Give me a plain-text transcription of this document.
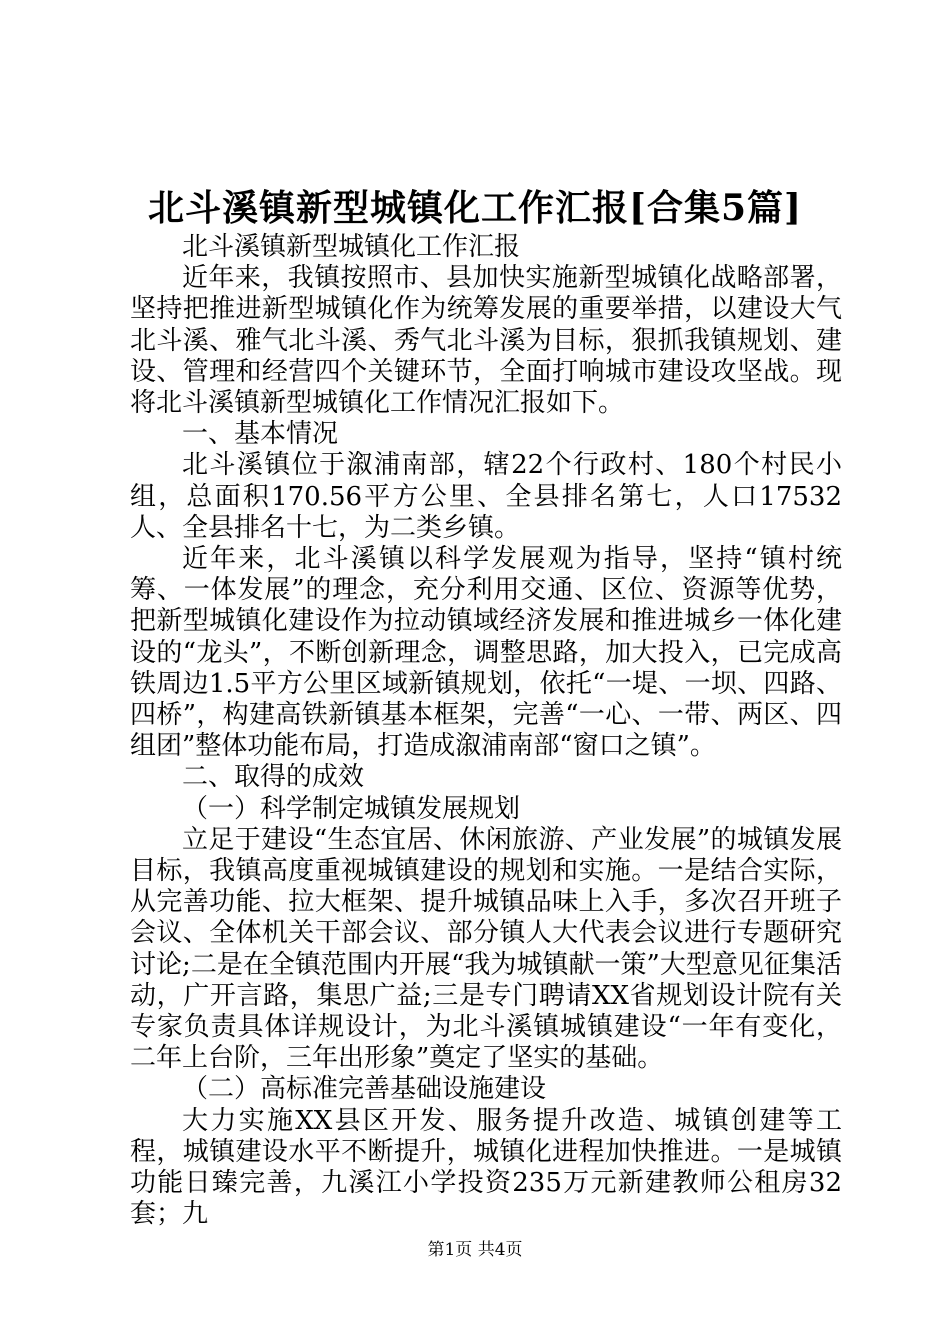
北斗溪镇新型城镇化工作汇报[合集5篇]

北斗溪镇新型城镇化工作汇报

近年来，我镇按照市、县加快实施新型城镇化战略部署，坚持把推进新型城镇化作为统筹发展的重要举措，以建设大气北斗溪、雅气北斗溪、秀气北斗溪为目标，狠抓我镇规划、建设、管理和经营四个关键环节，全面打响城市建设攻坚战。现将北斗溪镇新型城镇化工作情况汇报如下。

一、基本情况

北斗溪镇位于溆浦南部，辖22个行政村、180个村民小组，总面积170.56平方公里、全县排名第七，人口17532人、全县排名十七，为二类乡镇。

近年来，北斗溪镇以科学发展观为指导，坚持“镇村统筹、一体发展”的理念，充分利用交通、区位、资源等优势，把新型城镇化建设作为拉动镇域经济发展和推进城乡一体化建设的“龙头”，不断创新理念，调整思路，加大投入，已完成高铁周边1.5平方公里区域新镇规划，依托“一堤、一坝、四路、四桥”，构建高铁新镇基本框架，完善“一心、一带、两区、四组团”整体功能布局，打造成溆浦南部“窗口之镇”。

二、取得的成效

（一）科学制定城镇发展规划

立足于建设“生态宜居、休闲旅游、产业发展”的城镇发展目标，我镇高度重视城镇建设的规划和实施。一是结合实际，从完善功能、拉大框架、提升城镇品味上入手，多次召开班子会议、全体机关干部会议、部分镇人大代表会议进行专题研究讨论;二是在全镇范围内开展“我为城镇献一策”大型意见征集活动，广开言路，集思广益;三是专门聘请XX省规划设计院有关专家负责具体详规设计，为北斗溪镇城镇建设“一年有变化，二年上台阶，三年出形象”奠定了坚实的基础。

（二）高标准完善基础设施建设

大力实施XX县区开发、服务提升改造、城镇创建等工程，城镇建设水平不断提升，城镇化进程加快推进。一是城镇功能日臻完善，九溪江小学投资235万元新建教师公租房32套；九

第1页 共4页
